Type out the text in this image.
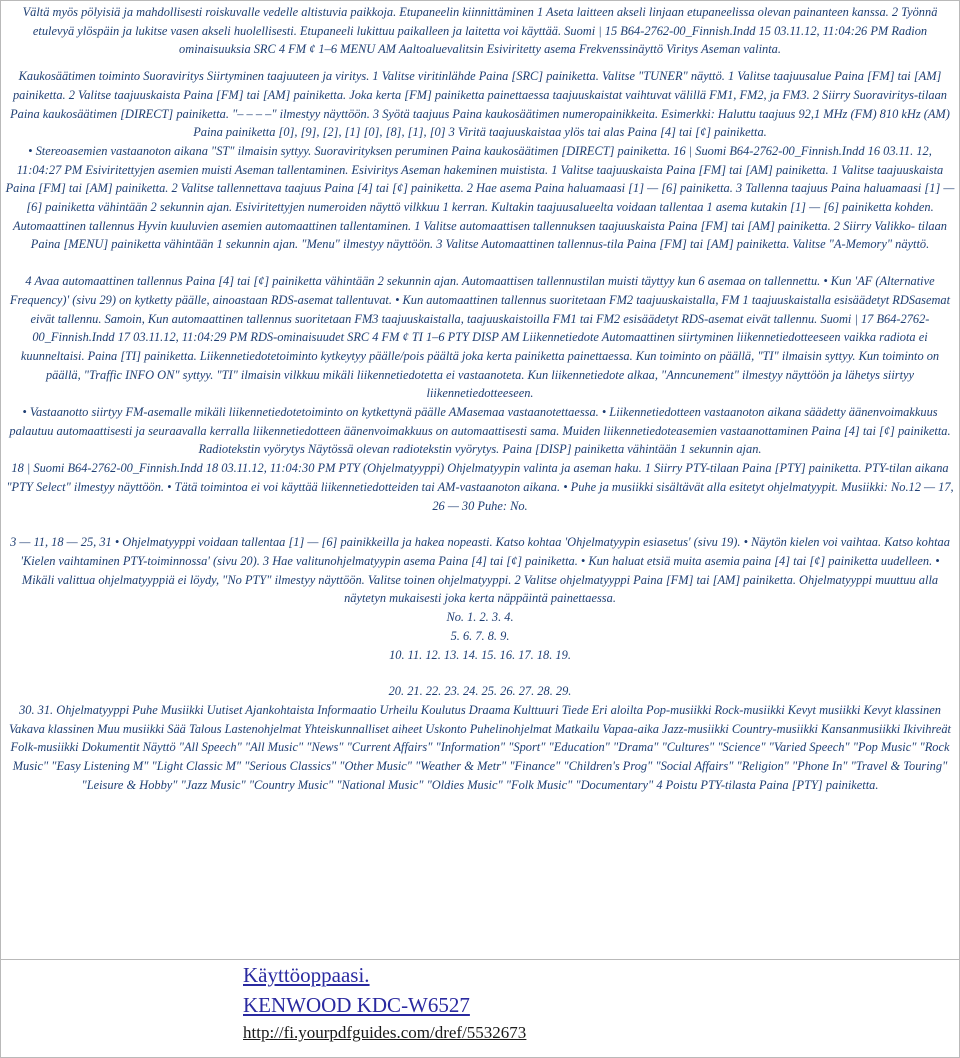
Vältä myös pölyisiä ja mahdollisesti roiskuvalle vedelle altistuvia paikkoja. Etupaneelin kiinnittäminen 1 Aseta laitteen akseli linjaan etupaneelissa olevan painanteen kanssa. 2 Työnnä etulevyä ylöspäin ja lukitse vasen akseli huolellisesti. Etupaneeli lukittuu paikalleen ja laitetta voi käyttää. Suomi | 15 B64-2762-00_Finnish.Indd 15 03.11.12, 11:04:26 PM Radion ominaisuuksia SRC 4 FM ¢ 1–6 MENU AM Aaltoaluevalitsin Esiviritetty asema Frekvenssinäyttö Viritys Aseman valinta.

Kaukosäätimen toiminto Suoraviritys Siirtyminen taajuuteen ja viritys. 1 Valitse viritinlähde Paina [SRC] painiketta. Valitse "TUNER" näyttö. 1 Valitse taajuusalue Paina [FM] tai [AM] painiketta. 2 Valitse taajuuskaista Paina [FM] tai [AM] painiketta. Joka kerta [FM] painiketta painettaessa taajuuskaistat vaihtuvat välillä FM1, FM2, ja FM3. 2 Siirry Suoraviritys-tilaan Paina kaukosäätimen [DIRECT] painiketta. "– – – –" ilmestyy näyttöön. 3 Syötä taajuus Paina kaukosäätimen numeropainikkeita. Esimerkki: Haluttu taajuus 92,1 MHz (FM) 810 kHz (AM) Paina painiketta [0], [9], [2], [1] [0], [8], [1], [0] 3 Viritä taajuuskaistaa ylös tai alas Paina [4] tai [¢] painiketta.

• Stereoasemien vastaanoton aikana "ST" ilmaisin syttyy. Suoravirityksen peruminen Paina kaukosäätimen [DIRECT] painiketta. 16 | Suomi B64-2762-00_Finnish.Indd 16 03.11. 12, 11:04:27 PM Esiviritettyjen asemien muisti Aseman tallentaminen. Esiviritys Aseman hakeminen muistista. 1 Valitse taajuuskaista Paina [FM] tai [AM] painiketta. 1 Valitse taajuuskaista Paina [FM] tai [AM] painiketta. 2 Valitse tallennettava taajuus Paina [4] tai [¢] painiketta. 2 Hae asema Paina haluamaasi [1] — [6] painiketta. 3 Tallenna taajuus Paina haluamaasi [1] — [6] painiketta vähintään 2 sekunnin ajan. Esiviritettyjen numeroiden näyttö vilkkuu 1 kerran. Kultakin taajuusalueelta voidaan tallentaa 1 asema kutakin [1] — [6] painiketta kohden. Automaattinen tallennus Hyvin kuuluvien asemien automaattinen tallentaminen. 1 Valitse automaattisen tallennuksen taajuuskaista Paina [FM] tai [AM] painiketta. 2 Siirry Valikko- tilaan Paina [MENU] painiketta vähintään 1 sekunnin ajan. "Menu" ilmestyy näyttöön. 3 Valitse Automaattinen tallennus-tila Paina [FM] tai [AM] painiketta. Valitse "A-Memory" näyttö.

4 Avaa automaattinen tallennus Paina [4] tai [¢] painiketta vähintään 2 sekunnin ajan. Automaattisen tallennustilan muisti täyttyy kun 6 asemaa on tallennettu. • Kun 'AF (Alternative Frequency)' (sivu 29) on kytketty päälle, ainoastaan RDS-asemat tallentuvat. • Kun automaattinen tallennus suoritetaan FM2 taajuuskaistalla, FM 1 taajuuskaistalla esisäädetyt RDSasemat eivät tallennu. Samoin, Kun automaattinen tallennus suoritetaan FM3 taajuuskaistalla, taajuuskaistoilla FM1 tai FM2 esisäädetyt RDS-asemat eivät tallennu. Suomi | 17 B64-2762-00_Finnish.Indd 17 03.11.12, 11:04:29 PM RDS-ominaisuudet SRC 4 FM ¢ TI 1–6 PTY DISP AM Liikennetiedote Automaattinen siirtyminen liikennetiedotteeseen vaikka radiota ei kuunneltaisi. Paina [TI] painiketta. Liikennetiedotetoiminto kytkeytyy päälle/pois päältä joka kerta painiketta painettaessa. Kun toiminto on päällä, "TI" ilmaisin syttyy. Kun toiminto on päällä, "Traffic INFO ON" syttyy. "TI" ilmaisin vilkkuu mikäli liikennetiedotetta ei vastaanoteta. Kun liikennetiedote alkaa, "Anncunement" ilmestyy näyttöön ja lähetys siirtyy liikennetiedotteeseen.

• Vastaanotto siirtyy FM-asemalle mikäli liikennetiedotetoiminto on kytkettynä päälle AMasemaa vastaanotettaessa. • Liikennetiedotteen vastaanoton aikana säädetty äänenvoimakkuus palautuu automaattisesti ja seuraavalla kerralla liikennetiedotteen äänenvoimakkuus on automaattisesti sama. Muiden liikennetiedoteasemien vastaanottaminen Paina [4] tai [¢] painiketta. Radiotekstin vyörytys Näytössä olevan radiotekstin vyörytys. Paina [DISP] painiketta vähintään 1 sekunnin ajan.

18 | Suomi B64-2762-00_Finnish.Indd 18 03.11.12, 11:04:30 PM PTY (Ohjelmatyyppi) Ohjelmatyypin valinta ja aseman haku. 1 Siirry PTY-tilaan Paina [PTY] painiketta. PTY-tilan aikana "PTY Select" ilmestyy näyttöön. • Tätä toimintoa ei voi käyttää liikennetiedotteiden tai AM-vastaanoton aikana. • Puhe ja musiikki sisältävät alla esitetyt ohjelmatyypit. Musiikki: No.12 — 17, 26 — 30 Puhe: No.

3 — 11, 18 — 25, 31 • Ohjelmatyyppi voidaan tallentaa [1] — [6] painikkeilla ja hakea nopeasti. Katso kohtaa 'Ohjelmatyypin esiasetus' (sivu 19). • Näytön kielen voi vaihtaa. Katso kohtaa 'Kielen vaihtaminen PTY-toiminnossa' (sivu 20). 3 Hae valitunohjelmatyypin asema Paina [4] tai [¢] painiketta. • Kun haluat etsiä muita asemia paina [4] tai [¢] painiketta uudelleen. • Mikäli valittua ohjelmatyyppiä ei löydy, "No PTY" ilmestyy näyttöön. Valitse toinen ohjelmatyyppi. 2 Valitse ohjelmatyyppi Paina [FM] tai [AM] painiketta. Ohjelmatyyppi muuttuu alla näytetyn mukaisesti joka kerta näppäintä painettaessa.

No. 1. 2. 3. 4.

5. 6. 7. 8. 9.

10. 11. 12. 13. 14. 15. 16. 17. 18. 19.

20. 21. 22. 23. 24. 25. 26. 27. 28. 29.

30. 31. Ohjelmatyyppi Puhe Musiikki Uutiset Ajankohtaista Informaatio Urheilu Koulutus Draama Kulttuuri Tiede Eri aloilta Pop-musiikki Rock-musiikki Kevyt musiikki Kevyt klassinen Vakava klassinen Muu musiikki Sää Talous Lastenohjelmat Yhteiskunnalliset aiheet Uskonto Puhelinohjelmat Matkailu Vapaa-aika Jazz-musiikki Country-musiikki Kansanmusiikki Ikivihreät Folk-musiikki Dokumentit Näyttö "All Speech" "All Music" "News" "Current Affairs" "Information" "Sport" "Education" "Drama" "Cultures" "Science" "Varied Speech" "Pop Music" "Rock Music" "Easy Listening M" "Light Classic M" "Serious Classics" "Other Music" "Weather & Metr" "Finance" "Children's Prog" "Social Affairs" "Religion" "Phone In" "Travel & Touring" "Leisure & Hobby" "Jazz Music" "Country Music" "National Music" "Oldies Music" "Folk Music" "Documentary" 4 Poistu PTY-tilasta Paina [PTY] painiketta.

Käyttöoppaasi.
KENWOOD KDC-W6527
http://fi.yourpdfguides.com/dref/5532673
